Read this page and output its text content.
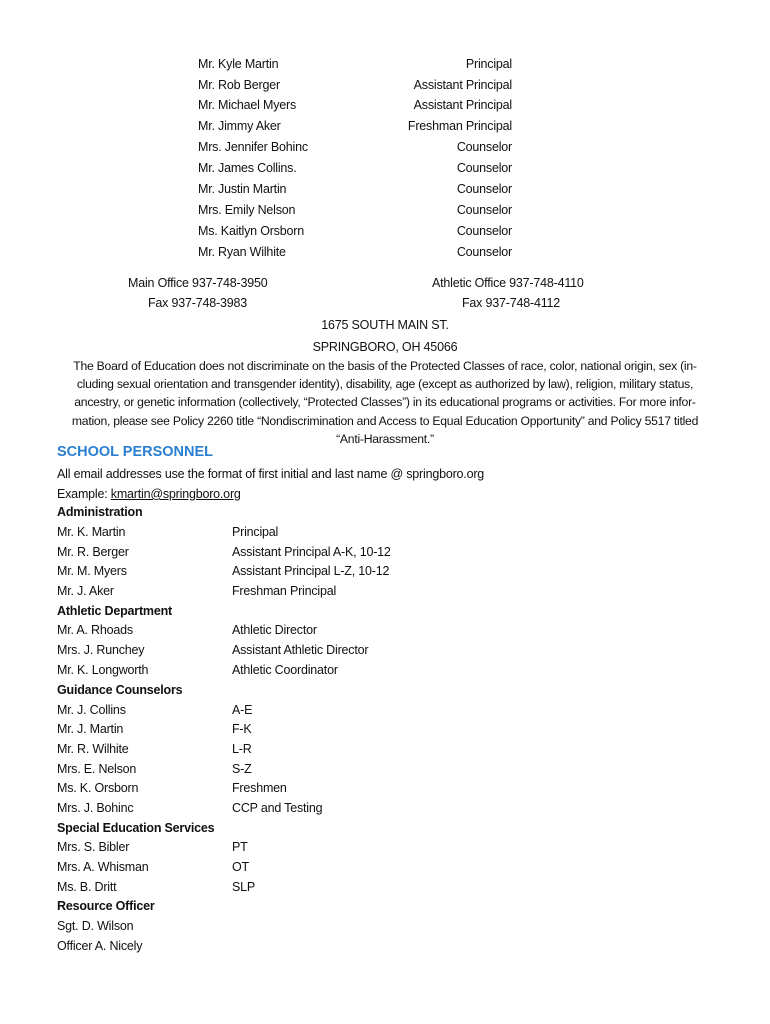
Mr. Kyle Martin	Principal
Mr. Rob Berger	Assistant Principal
Mr. Michael Myers	Assistant Principal
Mr. Jimmy Aker	Freshman Principal
Mrs. Jennifer Bohinc	Counselor
Mr. James Collins.	Counselor
Mr. Justin Martin	Counselor
Mrs. Emily Nelson	Counselor
Ms. Kaitlyn Orsborn	Counselor
Mr. Ryan Wilhite	Counselor
Main Office 937-748-3950
Fax 937-748-3983
Athletic Office 937-748-4110
Fax 937-748-4112
1675 SOUTH MAIN ST.
SPRINGBORO, OH 45066
The Board of Education does not discriminate on the basis of the Protected Classes of race, color, national origin, sex (in-
cluding sexual orientation and transgender identity), disability, age (except as authorized by law), religion, military status,
ancestry, or genetic information (collectively, “Protected Classes”) in its educational programs or activities. For more infor-
mation, please see Policy 2260 title “Nondiscrimination and Access to Equal Education Opportunity” and Policy 5517 titled
“Anti-Harassment.”
SCHOOL PERSONNEL
All email addresses use the format of first initial and last name @ springboro.org
Example: kmartin@springboro.org
Administration
Mr. K. Martin	Principal
Mr. R. Berger	Assistant Principal A-K, 10-12
Mr. M. Myers	Assistant Principal L-Z, 10-12
Mr. J. Aker	Freshman Principal
Athletic Department
Mr. A. Rhoads	Athletic Director
Mrs. J. Runchey	Assistant Athletic Director
Mr. K. Longworth	Athletic Coordinator
Guidance Counselors
Mr. J. Collins	A-E
Mr. J. Martin	F-K
Mr. R. Wilhite	L-R
Mrs. E. Nelson	S-Z
Ms. K. Orsborn	Freshmen
Mrs. J. Bohinc	CCP and Testing
Special Education Services
Mrs. S. Bibler	PT
Mrs. A. Whisman	OT
Ms. B. Dritt	SLP
Resource Officer
Sgt. D. Wilson
Officer A. Nicely
